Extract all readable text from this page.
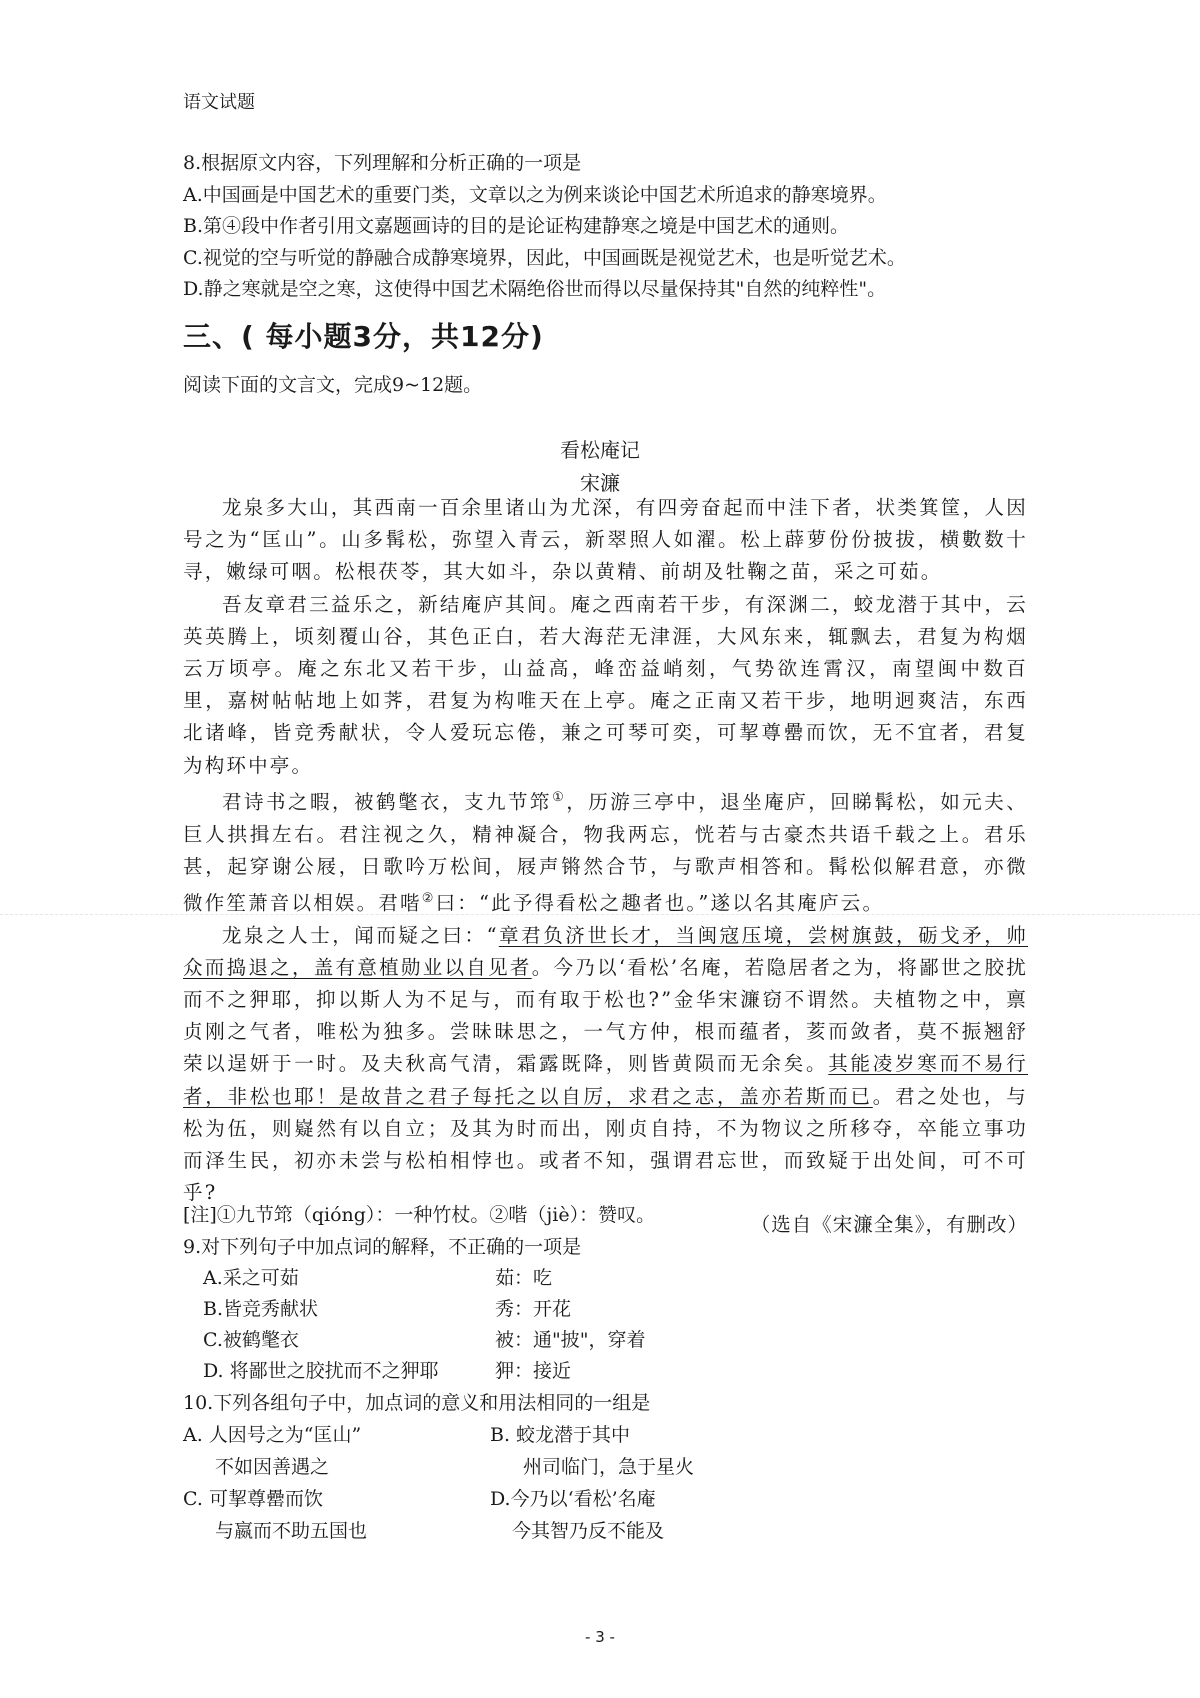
语文试题
8.根据原文内容，下列理解和分析正确的一项是
A.中国画是中国艺术的重要门类，文章以之为例来谈论中国艺术所追求的静寒境界。
B.第④段中作者引用文嘉题画诗的目的是论证构建静寒之境是中国艺术的通则。
C.视觉的空与听觉的静融合成静寒境界，因此，中国画既是视觉艺术，也是听觉艺术。
D.静之寒就是空之寒，这使得中国艺术隔绝俗世而得以尽量保持其"自然的纯粹性"。
三、( 每小题3分，共12分)
阅读下面的文言文，完成9~12题。
看松庵记
宋濂

龙泉多大山，其西南一百余里诸山为尤深，有四旁奋起而中洼下者，状类箕筐，人因号之为“匡山”。山多髯松，弥望入青云，新翠照人如濯。松上薜萝份份披拔，横數数十寻，嫩绿可咽。松根茯苓，其大如斗，杂以黄精、前胡及牡鞠之苗，采之可茹。

吾友章君三益乐之，新结庵庐其间。庵之西南若干步，有深渊二，蛟龙潜于其中，云英英腾上，顷刻覆山谷，其色正白，若大海茫无津涯，大风东来，辄飘去，君复为构烟云万顷亭。庵之东北又若干步，山益高，峰峦益峭刻，气势欲连霄汉，南望闽中数百里，嘉树帖帖地上如荠，君复为构唯天在上亭。庵之正南又若干步，地明迥爽洁，东西北诸峰，皆竞秀献状，令人爱玩忘倦，兼之可琴可奕，可挈尊罍而饮，无不宜者，君复为构环中亭。

君诗书之暇，被鹤氅衣，支九节筇①，历游三亭中，退坐庵庐，回睇髯松，如元夫、巨人拱揖左右。君注视之久，精神凝合，物我两忘，恍若与古豪杰共语千载之上。君乐甚，起穿谢公屐，日歌吟万松间，屐声锵然合节，与歌声相答和。髯松似解君意，亦微微作笙萧音以相娱。君喈②曰：“此予得看松之趣者也。”遂以名其庵庐云。

龙泉之人士，闻而疑之曰：“章君负济世长才，当闽寇压境，尝树旗鼓，砺戈矛，帅众而捣退之，盖有意植勋业以自见者。今乃以‘看松’名庵，若隐居者之为，将鄙世之胶扰而不之狎耶，抑以斯人为不足与，而有取于松也?”金华宋濂窃不谓然。夫植物之中，禀贞刚之气者，唯松为独多。尝昧昧思之，一气方仲，根而蕴者，荄而敛者，莫不振翘舒荣以逞妍于一时。及夫秋高气清，霜露既降，则皆黄陨而无余矣。其能凌岁寒而不易行者，非松也耶！是故昔之君子每托之以自厉，求君之志，盖亦若斯而已。君之处也，与松为伍，则嶷然有以自立；及其为时而出，刚贞自持，不为物议之所移夺，卒能立事功而泽生民，初亦未尝与松柏相悖也。或者不知，强谓君忘世，而致疑于出处间，可不可乎?

（选自《宋濂全集》，有删改）
[注]①九节筇（qióng）：一种竹杖。②喈（jiè）：赞叹。
9.对下列句子中加点词的解释，不正确的一项是
A.采之可茹	茹：吃
B.皆竞秀献状	秀：开花
C.被鹤氅衣	被：通"披"，穿着
D. 将鄙世之胶扰而不之狎耶	狎：接近
10.下列各组句子中，加点词的意义和用法相同的一组是
A. 人因号之为“匡山”
不如因善遇之
B. 蛟龙潜于其中
州司临门，急于星火
C. 可挈尊罍而饮
与嬴而不助五国也
D.今乃以‘看松’名庵
今其智乃反不能及
- 3 -
